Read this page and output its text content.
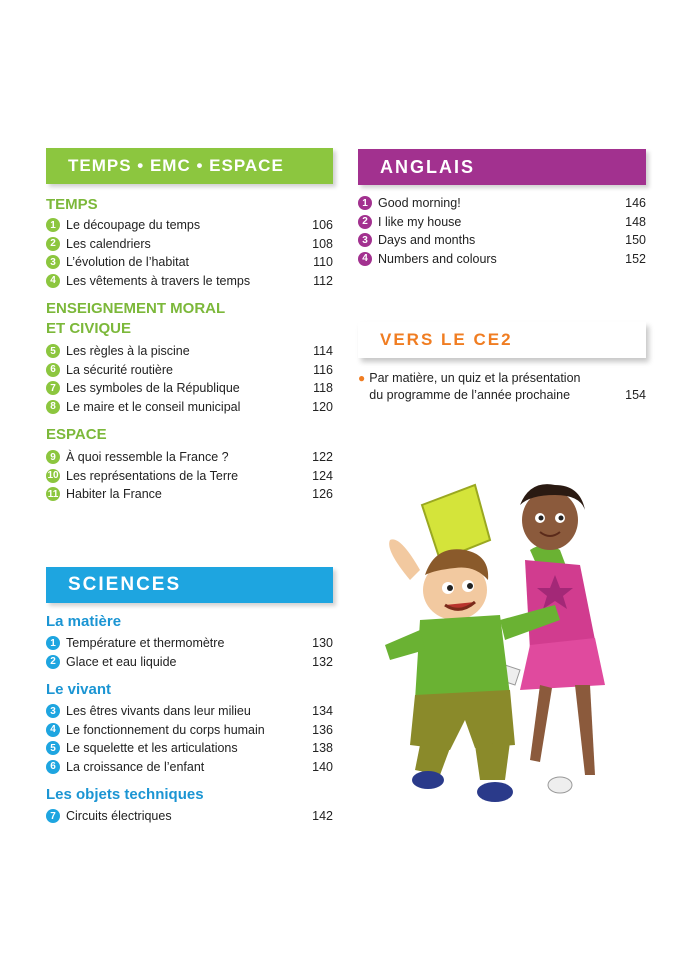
TEMPS • EMC • ESPACE

TEMPS

1 Le découpage du temps	106
2 Les calendriers	108
3 L’évolution de l’habitat	110
4 Les vêtements à travers le temps	112

ENSEIGNEMENT MORAL

ET CIVIQUE

5 Les règles à la piscine	114
6 La sécurité routière	116
7 Les symboles de la République	118
8 Le maire et le conseil municipal	120

ESPACE

9 À quoi ressemble la France ?	122
10 Les représentations de la Terre	124
11 Habiter la France	126
SCIENCES

La matière

1 Température et thermomètre	130
2 Glace et eau liquide	132

Le vivant

3 Les êtres vivants dans leur milieu	134
4 Le fonctionnement du corps humain	136
5 Le squelette et les articulations	138
6 La croissance de l’enfant	140

Les objets techniques

7 Circuits électriques	142
ANGLAIS
1 Good morning!	146
2 I like my house	148
3 Days and months	150
4 Numbers and colours	152
VERS LE CE2
● Par matière, un quiz et la présentation
du programme de l’année prochaine	154
